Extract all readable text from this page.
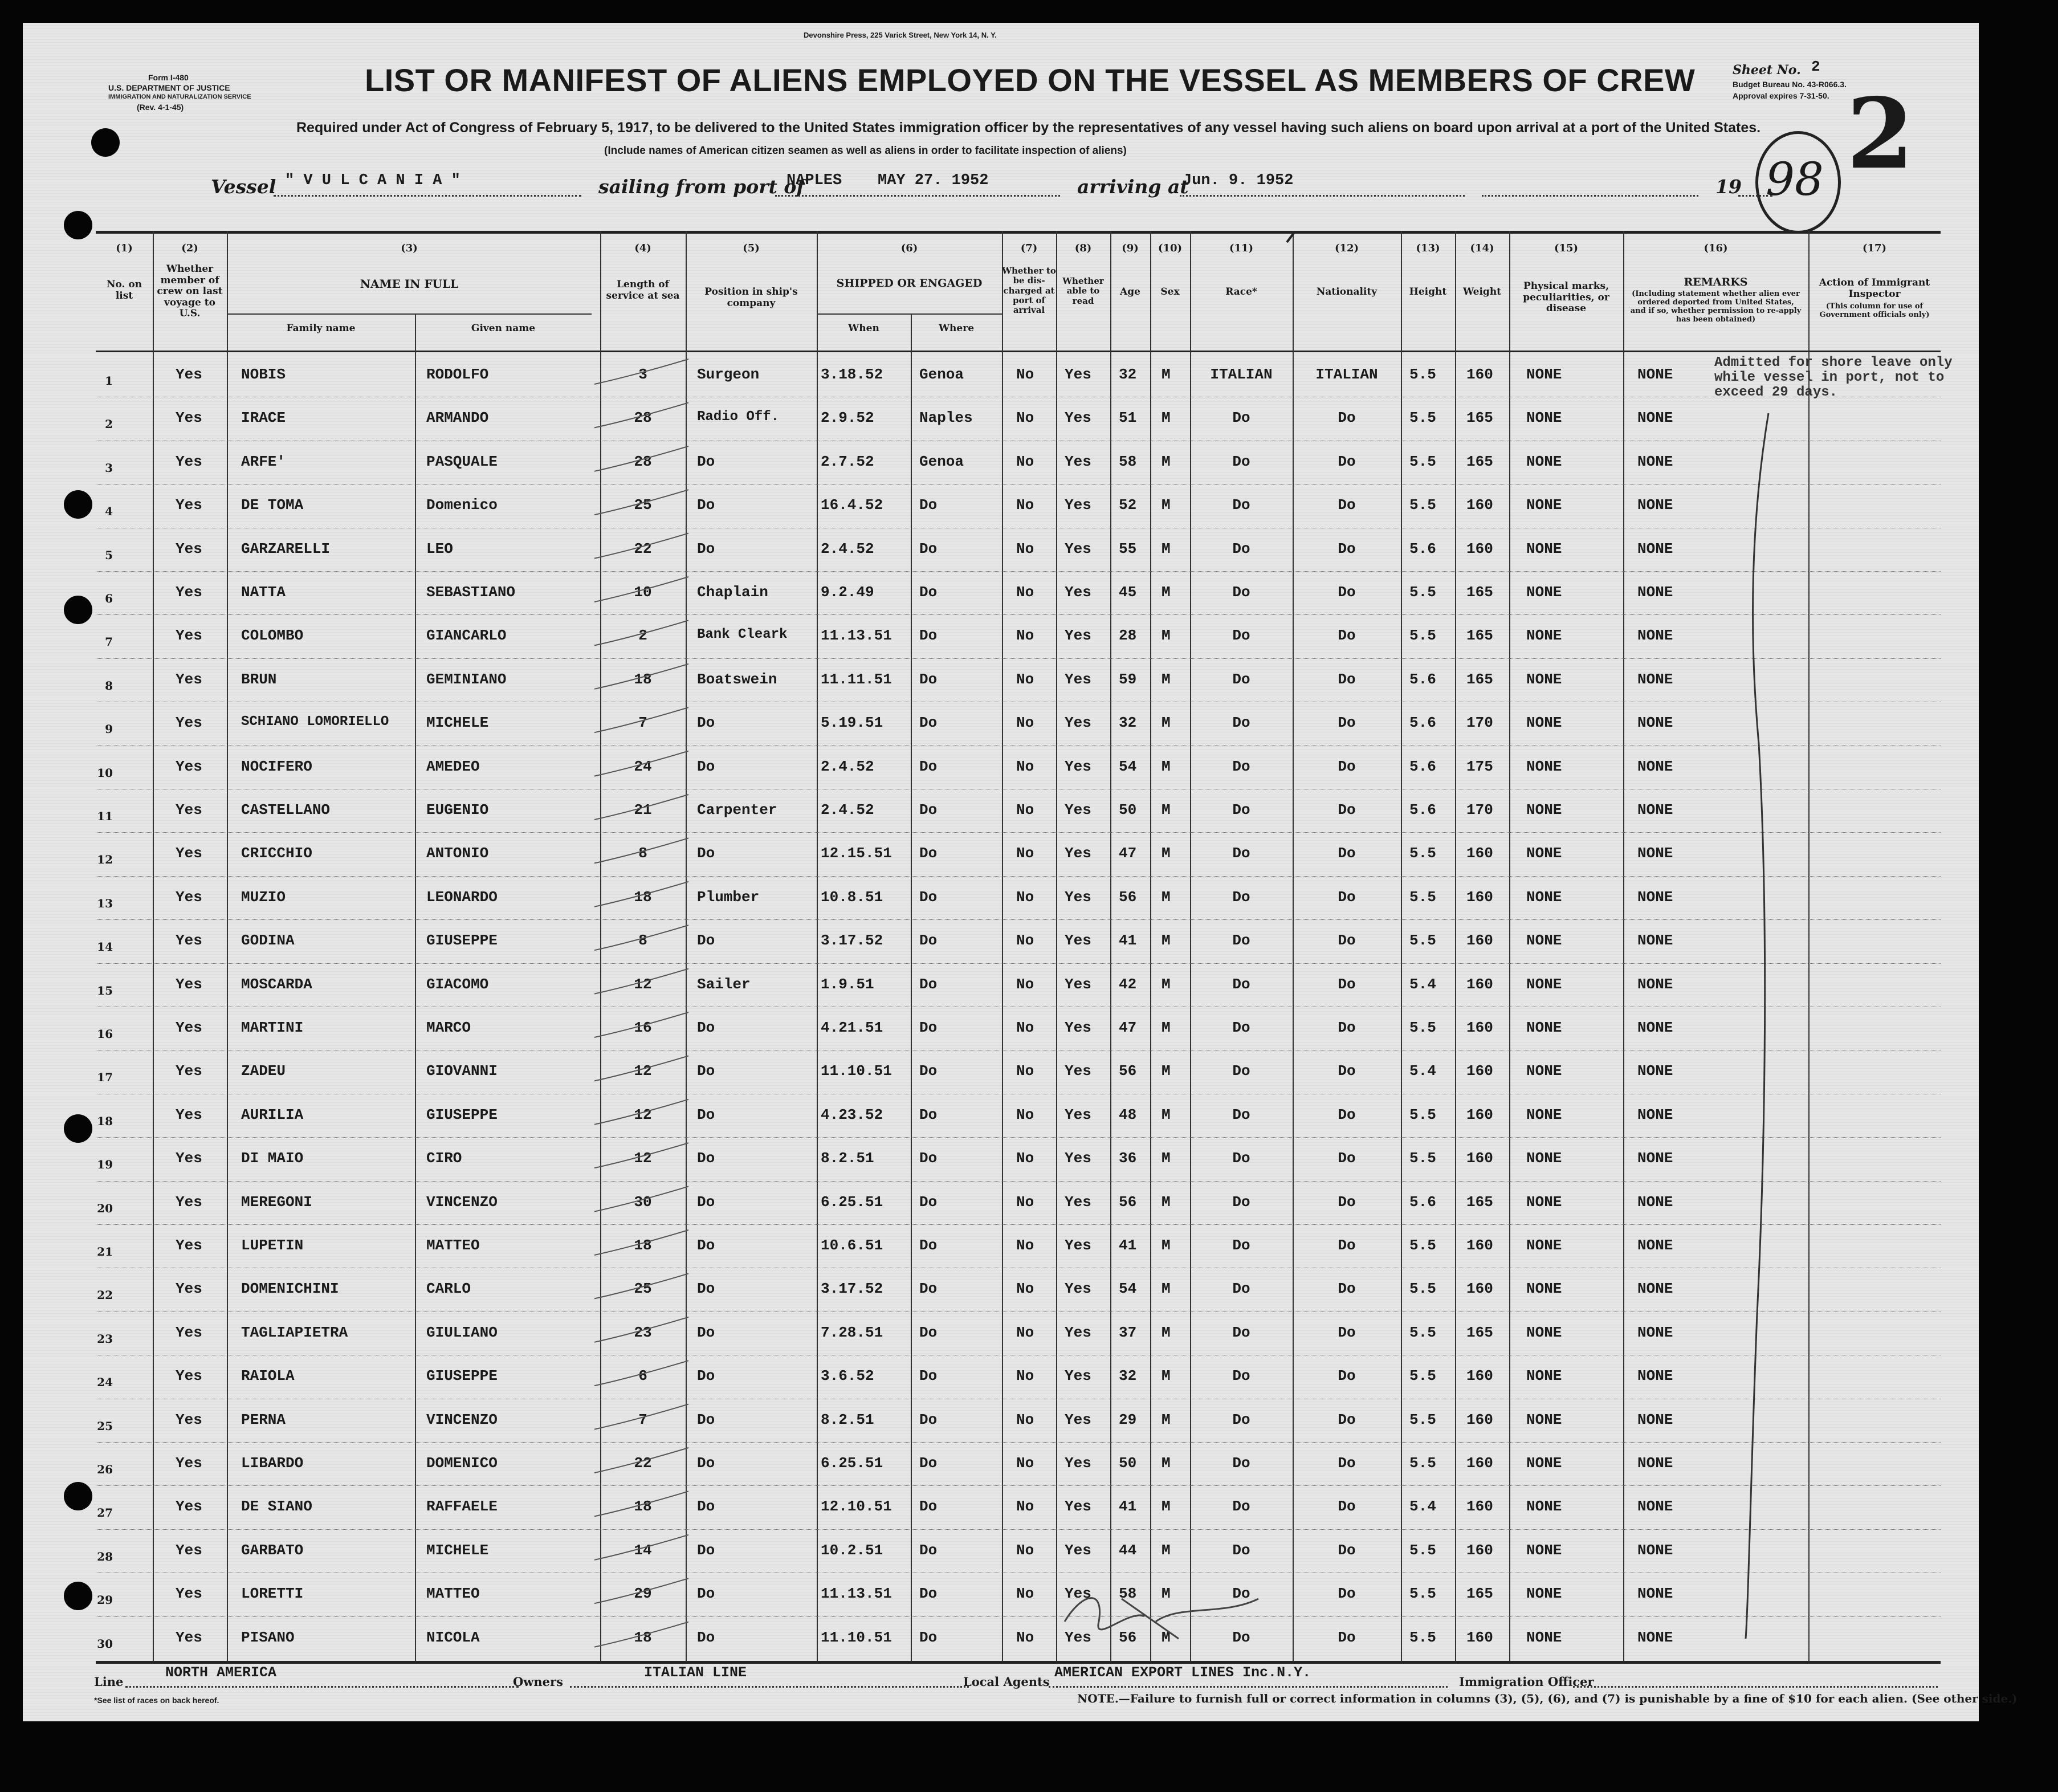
Devonshire Press, 225 Varick Street, New York 14, N. Y.
Form I-480
U.S. DEPARTMENT OF JUSTICE
IMMIGRATION AND NATURALIZATION SERVICE
(Rev. 4-1-45)
LIST OR MANIFEST OF ALIENS EMPLOYED ON THE VESSEL AS MEMBERS OF CREW
Required under Act of Congress of February 5, 1917, to be delivered to the United States immigration officer by the representatives of any vessel having such aliens on board upon arrival at a port of the United States.
(Include names of American citizen seamen as well as aliens in order to facilitate inspection of aliens)
Sheet No. 2
Budget Bureau No. 43-R066.3.
Approval expires 7-31-50.
98 2
Vessel " V U L C A N I A "	sailing from port of
NAPLES MAY 27. 1952	arriving at
Jun. 9. 1952	19
(1)	(2)	(3)	(4)	(5)	(6)	(7)	(8)	(9)	(10)	(11)	(12)	(13)	(14)	(15)	(16)	(17)
No. on list
Whether member of crew on last voyage to U.S.
NAME IN FULL
Family name	Given name
Length of service at sea	Position in ship's company
SHIPPED OR ENGAGED
When	Where
Whether to be dis-charged at port of arrival
Whether able to read
Age	Sex	Race*	Nationality	Height	Weight	Physical marks, peculiarities, or disease
REMARKS
(Including statement whether alien ever ordered deported from United States, and if so, whether permission to re-apply has been obtained)
Action of Immigrant Inspector
(This column for use of Government officials only)
1	Yes	NOBIS	RODOLFO	3	Surgeon	3.18.52 Genoa	No Yes 32 M	ITALIAN	ITALIAN	5.5 160 NONE	NONE
2	Yes	IRACE	ARMANDO	28	Radio Off.	2.9.52	Naples	No Yes 51 M	Do	Do	5.5 165 NONE	NONE
3	Yes	ARFE'	PASQUALE	28	Do	2.7.52	Genoa	No Yes 58 M	Do	Do	5.5 165 NONE	NONE
4	Yes	DE TOMA	Domenico	25	Do	16.4.52 Do	No Yes 52 M	Do	Do	5.5 160 NONE	NONE
5	Yes	GARZARELLI	LEO	22	Do	2.4.52	Do	No Yes 55 M	Do	Do	5.6 160 NONE	NONE
6	Yes	NATTA	SEBASTIANO	10	Chaplain	9.2.49	Do	No Yes 45 M	Do	Do	5.5 165 NONE	NONE
7	Yes	COLOMBO	GIANCARLO	2	Bank Cleark 11.13.51 Do	No Yes 28 M	Do	Do	5.5 165 NONE	NONE
8	Yes	BRUN	GEMINIANO	18	Boatswein	11.11.51 Do	No Yes 59 M	Do	Do	5.6 165 NONE	NONE
9	Yes	SCHIANO LOMORIELLO	MICHELE	7	Do	5.19.51 Do	No Yes 32 M	Do	Do	5.6 170 NONE	NONE
10	Yes	NOCIFERO	AMEDEO	24	Do	2.4.52	Do	No Yes 54 M	Do	Do	5.6 175 NONE	NONE
11	Yes	CASTELLANO	EUGENIO	21	Carpenter	2.4.52	Do	No Yes 50 M	Do	Do	5.6 170 NONE	NONE
12	Yes	CRICCHIO	ANTONIO	8	Do	12.15.51 Do	No Yes 47 M	Do	Do	5.5 160 NONE	NONE
13	Yes	MUZIO	LEONARDO	18	Plumber	10.8.51 Do	No Yes 56 M	Do	Do	5.5 160 NONE	NONE
14	Yes	GODINA	GIUSEPPE	8	Do	3.17.52 Do	No Yes 41 M	Do	Do	5.5 160 NONE	NONE
15	Yes	MOSCARDA	GIACOMO	12	Sailer	1.9.51	Do	No Yes 42 M	Do	Do	5.4 160 NONE	NONE
16	Yes	MARTINI	MARCO	16	Do	4.21.51 Do	No Yes 47 M	Do	Do	5.5 160 NONE	NONE
17	Yes	ZADEU	GIOVANNI	12	Do	11.10.51 Do	No Yes 56 M	Do	Do	5.4 160 NONE	NONE
18	Yes	AURILIA	GIUSEPPE	12	Do	4.23.52 Do	No Yes 48 M	Do	Do	5.5 160 NONE	NONE
19	Yes	DI MAIO	CIRO	12	Do	8.2.51	Do	No Yes 36 M	Do	Do	5.5 160 NONE	NONE
20	Yes	MEREGONI	VINCENZO	30	Do	6.25.51 Do	No Yes 56 M	Do	Do	5.6 165 NONE	NONE
21	Yes	LUPETIN	MATTEO	18	Do	10.6.51 Do	No Yes 41 M	Do	Do	5.5 160 NONE	NONE
22	Yes	DOMENICHINI	CARLO	25	Do	3.17.52 Do	No Yes 54 M	Do	Do	5.5 160 NONE	NONE
23	Yes	TAGLIAPIETRA	GIULIANO	23	Do	7.28.51 Do	No Yes 37 M	Do	Do	5.5 165 NONE	NONE
24	Yes	RAIOLA	GIUSEPPE	6	Do	3.6.52	Do	No Yes 32 M	Do	Do	5.5 160 NONE	NONE
25	Yes	PERNA	VINCENZO	7	Do	8.2.51	Do	No Yes 29 M	Do	Do	5.5 160 NONE	NONE
26	Yes	LIBARDO	DOMENICO	22	Do	6.25.51 Do	No Yes 50 M	Do	Do	5.5 160 NONE	NONE
27	Yes	DE SIANO	RAFFAELE	18	Do	12.10.51 Do	No Yes 41 M	Do	Do	5.4 160 NONE	NONE
28	Yes	GARBATO	MICHELE	14	Do	10.2.51 Do	No Yes 44 M	Do	Do	5.5 160 NONE	NONE
29	Yes	LORETTI	MATTEO	29	Do	11.13.51 Do	No Yes 58 M	Do	Do	5.5 165 NONE	NONE
30	Yes	PISANO	NICOLA	18	Do	11.10.51 Do	No Yes 56 M	Do	Do	5.5 160 NONE	NONE
Admitted for shore leave only
while vessel in port, not to
exceed 29 days.
NORTH AMERICA
Line	Owners
ITALIAN LINE
Local Agents
AMERICAN EXPORT LINES Inc.N.Y.
Immigration Officer
*See list of races on back hereof.	NOTE.—Failure to furnish full or correct information in columns (3), (5), (6), and (7) is punishable by a fine of $10 for each alien. (See other side.)
